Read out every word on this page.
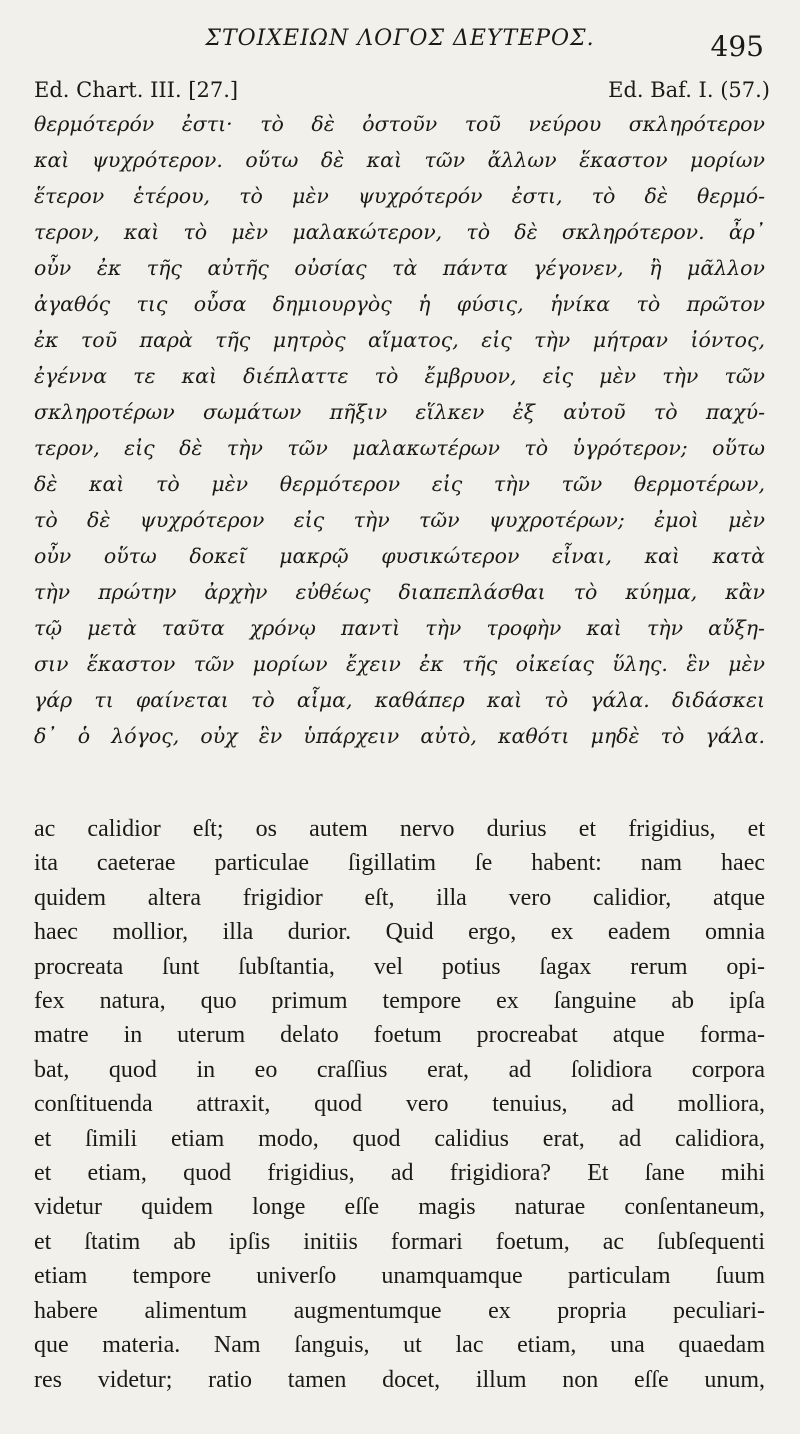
ΣΤΟΙΧΕΙΩΝ ΛΟΓΟΣ ΔΕΥΤΕΡΟΣ.	495
Ed. Chart. III. [27.]	Ed. Baf. I. (57.)
θερμότερόν ἐστι· τὸ δὲ ὀστοῦν τοῦ νεύρου σκληρότερον
καὶ ψυχρότερον. οὕτω δὲ καὶ τῶν ἄλλων ἕκαστον μορίων
ἕτερον ἑτέρου, τὸ μὲν ψυχρότερόν ἐστι, τὸ δὲ θερμό-
τερον, καὶ τὸ μὲν μαλακώτερον, τὸ δὲ σκληρότερον. ἆρ᾽
οὖν ἐκ τῆς αὐτῆς οὐσίας τὰ πάντα γέγονεν, ἢ μᾶλλον
ἀγαθός τις οὖσα δημιουργὸς ἡ φύσις, ἡνίκα τὸ πρῶτον
ἐκ τοῦ παρὰ τῆς μητρὸς αἵματος, εἰς τὴν μήτραν ἰόντος,
ἐγέννα τε καὶ διέπλαττε τὸ ἔμβρυον, εἰς μὲν τὴν τῶν
σκληροτέρων σωμάτων πῆξιν εἵλκεν ἐξ αὐτοῦ τὸ παχύ-
τερον, εἰς δὲ τὴν τῶν μαλακωτέρων τὸ ὑγρότερον; οὕτω
δὲ καὶ τὸ μὲν θερμότερον εἰς τὴν τῶν θερμοτέρων,
τὸ δὲ ψυχρότερον εἰς τὴν τῶν ψυχροτέρων; ἐμοὶ μὲν
οὖν οὕτω δοκεῖ μακρῷ φυσικώτερον εἶναι, καὶ κατὰ
τὴν πρώτην ἀρχὴν εὐθέως διαπεπλάσθαι τὸ κύημα, κἂν
τῷ μετὰ ταῦτα χρόνῳ παντὶ τὴν τροφὴν καὶ τὴν αὔξη-
σιν ἕκαστον τῶν μορίων ἔχειν ἐκ τῆς οἰκείας ὕλης. ἓν μὲν
γάρ τι φαίνεται τὸ αἷμα, καθάπερ καὶ τὸ γάλα. διδάσκει
δ᾽ ὁ λόγος, οὐχ ἓν ὑπάρχειν αὐτὸ, καθότι μηδὲ τὸ γάλα.
ac calidior eſt; os autem nervo durius et frigidius, et
ita caeterae particulae ſigillatim ſe habent: nam haec
quidem altera frigidior eſt, illa vero calidior, atque
haec mollior, illa durior. Quid ergo, ex eadem omnia
procreata ſunt ſubſtantia, vel potius ſagax rerum opi-
fex natura, quo primum tempore ex ſanguine ab ipſa
matre in uterum delato foetum procreabat atque forma-
bat, quod in eo craſſius erat, ad ſolidiora corpora
conſtituenda attraxit, quod vero tenuius, ad molliora,
et ſimili etiam modo, quod calidius erat, ad calidiora,
et etiam, quod frigidius, ad frigidiora? Et ſane mihi
videtur quidem longe eſſe magis naturae conſentaneum,
et ſtatim ab ipſis initiis formari foetum, ac ſubſequenti
etiam tempore univerſo unamquamque particulam ſuum
habere alimentum augmentumque ex propria peculiari-
que materia. Nam ſanguis, ut lac etiam, una quaedam
res videtur; ratio tamen docet, illum non eſſe unum,
